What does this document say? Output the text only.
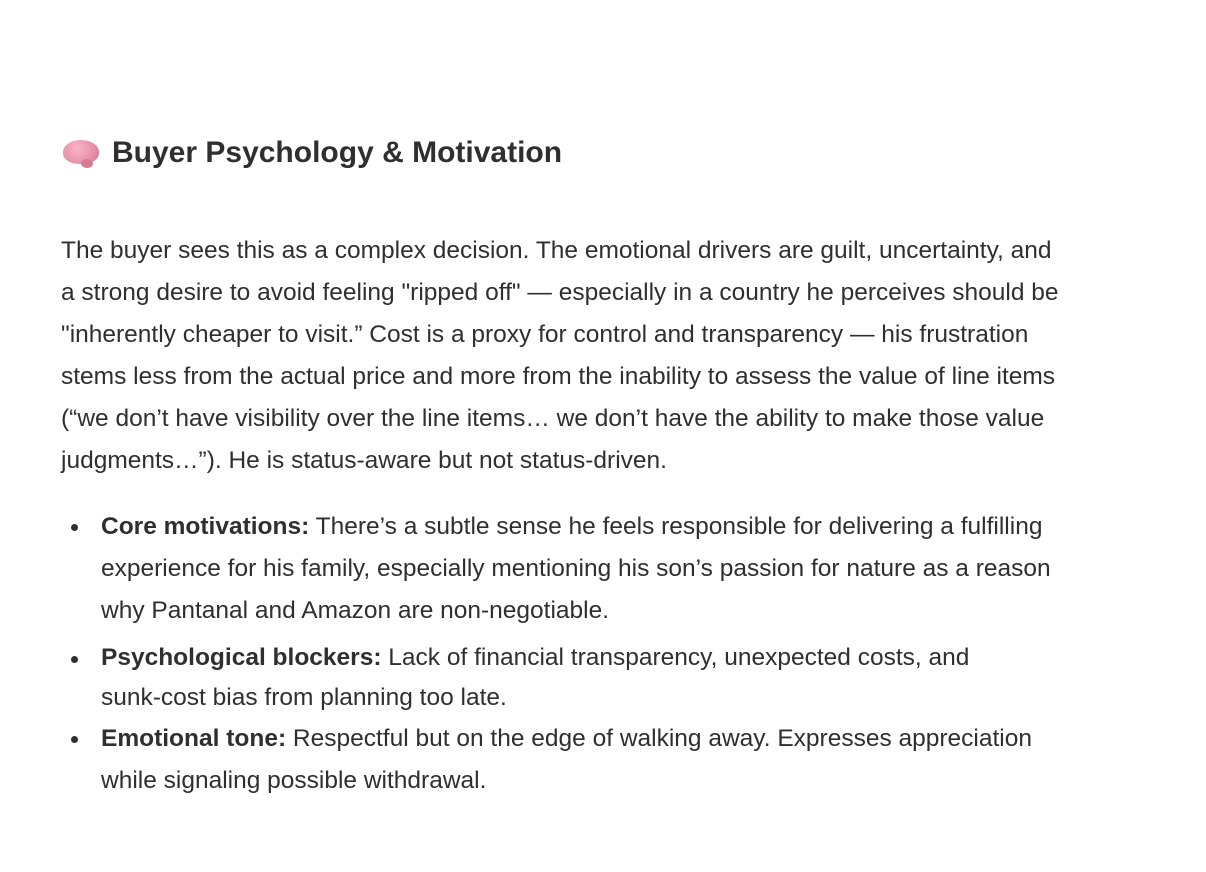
Buyer Psychology & Motivation
The buyer sees this as a complex decision. The emotional drivers are guilt, uncertainty, and
a strong desire to avoid feeling "ripped off" — especially in a country he perceives should be
"inherently cheaper to visit.” Cost is a proxy for control and transparency — his frustration
stems less from the actual price and more from the inability to assess the value of line items
(“we don’t have visibility over the line items… we don’t have the ability to make those value
judgments…”). He is status-aware but not status-driven.
Core motivations: There’s a subtle sense he feels responsible for delivering a fulfilling
experience for his family, especially mentioning his son’s passion for nature as a reason
why Pantanal and Amazon are non-negotiable.
Psychological blockers: Lack of financial transparency, unexpected costs, and
sunk-cost bias from planning too late.
Emotional tone: Respectful but on the edge of walking away. Expresses appreciation
while signaling possible withdrawal.
